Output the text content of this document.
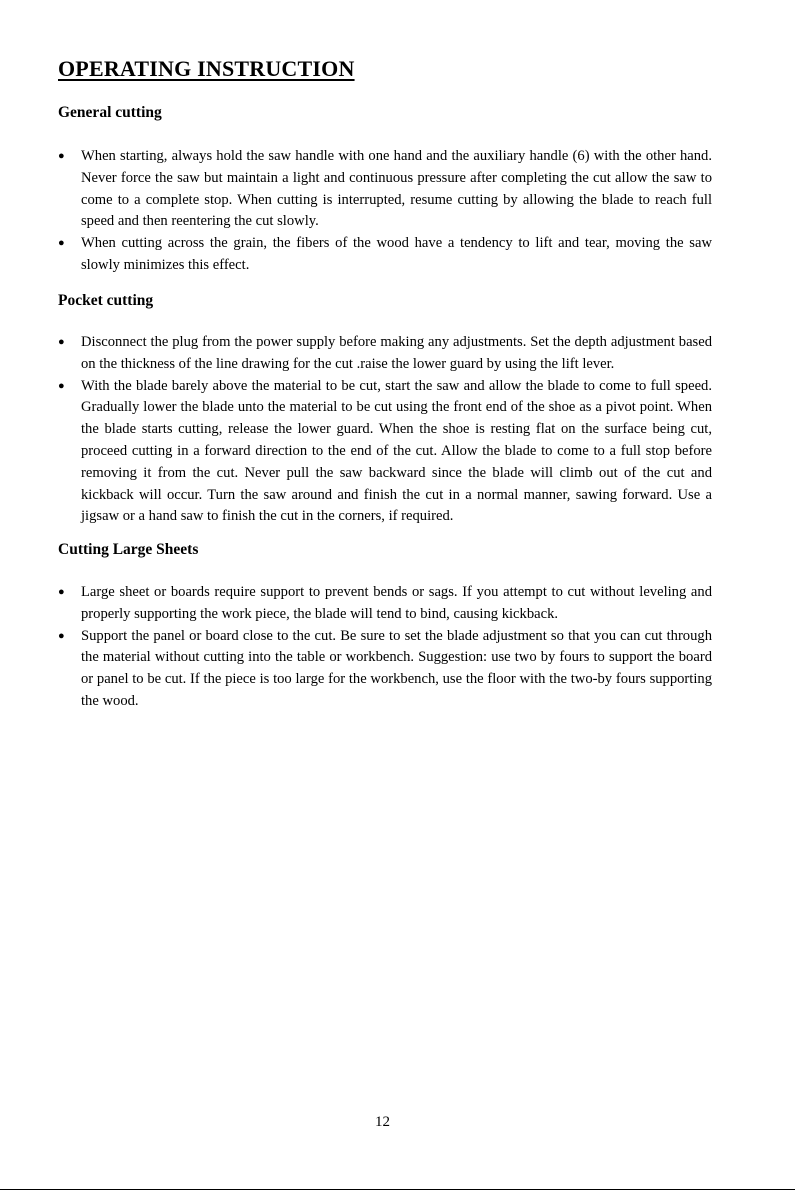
OPERATING INSTRUCTION
General cutting
● When starting, always hold the saw handle with one hand and the auxiliary handle (6) with the other hand. Never force the saw but maintain a light and continuous pressure after completing the cut allow the saw to come to a complete stop. When cutting is interrupted, resume cutting by allowing the blade to reach full speed and then reentering the cut slowly.
● When cutting across the grain, the fibers of the wood have a tendency to lift and tear, moving the saw slowly minimizes this effect.
Pocket cutting
● Disconnect the plug from the power supply before making any adjustments. Set the depth adjustment based on the thickness of the line drawing for the cut .raise the lower guard by using the lift lever.
● With the blade barely above the material to be cut, start the saw and allow the blade to come to full speed. Gradually lower the blade unto the material to be cut using the front end of the shoe as a pivot point. When the blade starts cutting, release the lower guard. When the shoe is resting flat on the surface being cut, proceed cutting in a forward direction to the end of the cut. Allow the blade to come to a full stop before removing it from the cut. Never pull the saw backward since the blade will climb out of the cut and kickback will occur. Turn the saw around and finish the cut in a normal manner, sawing forward. Use a jigsaw or a hand saw to finish the cut in the corners, if required.
Cutting Large Sheets
● Large sheet or boards require support to prevent bends or sags. If you attempt to cut without leveling and properly supporting the work piece, the blade will tend to bind, causing kickback.
● Support the panel or board close to the cut. Be sure to set the blade adjustment so that you can cut through the material without cutting into the table or workbench. Suggestion: use two by fours to support the board or panel to be cut. If the piece is too large for the workbench, use the floor with the two-by fours supporting the wood.
12
